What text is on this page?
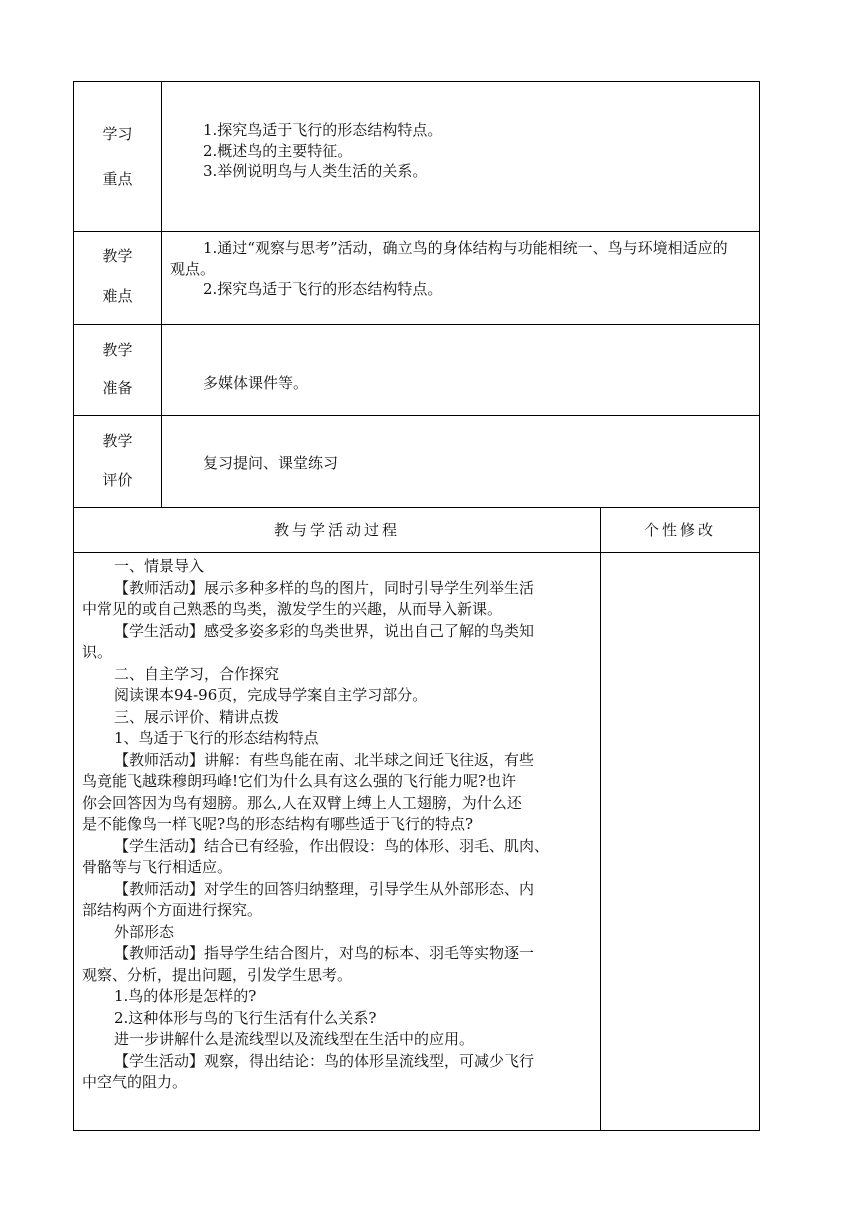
学习
重点

1.探究鸟适于飞行的形态结构特点。

2.概述鸟的主要特征。

3.举例说明鸟与人类生活的关系。

教学
难点

1.通过“观察与思考”活动，确立鸟的身体结构与功能相统一、鸟与环境相适应的观点。

2.探究鸟适于飞行的形态结构特点。

教学
准备	多媒体课件等。

教学
评价

复习提问、课堂练习

教与学活动过程	个性修改

一、情景导入

【教师活动】展示多种多样的鸟的图片，同时引导学生列举生活

中常见的或自己熟悉的鸟类，激发学生的兴趣，从而导入新课。

【学生活动】感受多姿多彩的鸟类世界，说出自己了解的鸟类知

识。

二、自主学习，合作探究

阅读课本94-96页，完成导学案自主学习部分。

三、展示评价、精讲点拨

1、鸟适于飞行的形态结构特点

【教师活动】讲解：有些鸟能在南、北半球之间迁飞往返，有些

鸟竟能飞越珠穆朗玛峰!它们为什么具有这么强的飞行能力呢?也许

你会回答因为鸟有翅膀。那么,人在双臂上缚上人工翅膀，为什么还

是不能像鸟一样飞呢?鸟的形态结构有哪些适于飞行的特点?

【学生活动】结合已有经验，作出假设：鸟的体形、羽毛、肌肉、

骨骼等与飞行相适应。

【教师活动】对学生的回答归纳整理，引导学生从外部形态、内

部结构两个方面进行探究。

外部形态

【教师活动】指导学生结合图片，对鸟的标本、羽毛等实物逐一

观察、分析，提出问题，引发学生思考。

1.鸟的体形是怎样的?

2.这种体形与鸟的飞行生活有什么关系?

进一步讲解什么是流线型以及流线型在生活中的应用。

【学生活动】观察，得出结论：鸟的体形呈流线型，可减少飞行

中空气的阻力。
